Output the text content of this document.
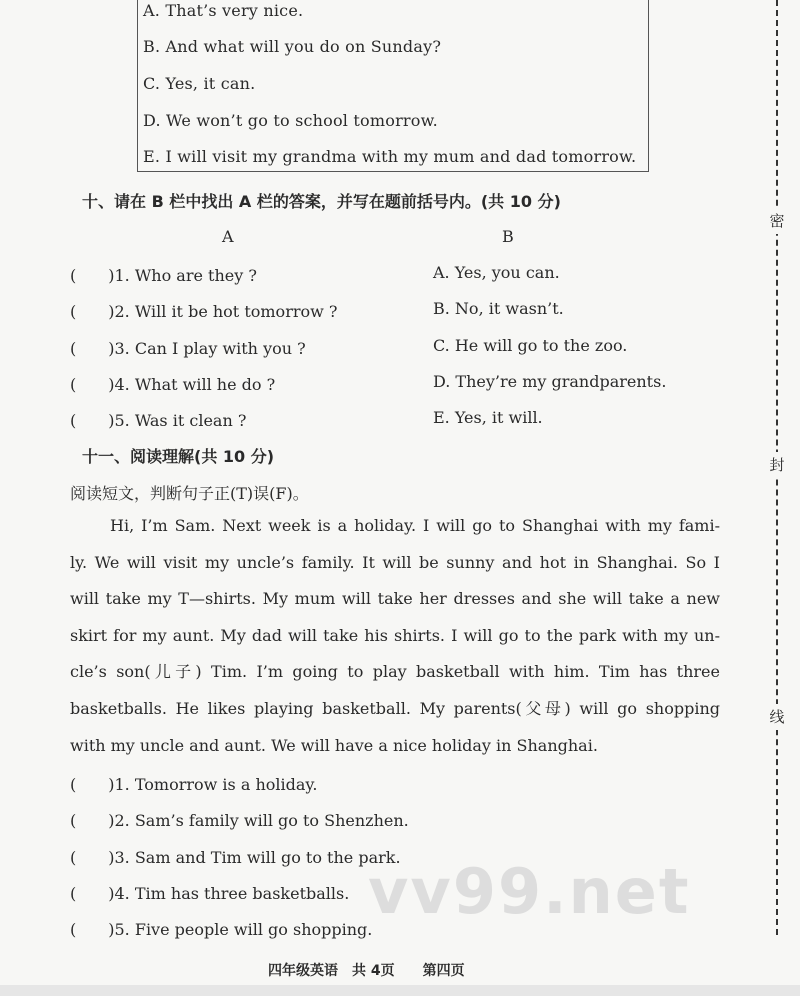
A. That’s very nice.
B. And what will you do on Sunday?
C. Yes, it can.
D. We won’t go to school tomorrow.
E. I will visit my grandma with my mum and dad tomorrow.
十、请在 B 栏中找出 A 栏的答案，并写在题前括号内。(共 10 分)
A	B
(　　)1. Who are they ?
(　　)2. Will it be hot tomorrow ?
(　　)3. Can I play with you ?
(　　)4. What will he do ?
(　　)5. Was it clean ?
A. Yes, you can.
B. No, it wasn’t.
C. He will go to the zoo.
D. They’re my grandparents.
E. Yes, it will.
十一、阅读理解(共 10 分)
阅读短文，判断句子正(T)误(F)。
Hi, I’m Sam. Next week is a holiday. I will go to Shanghai with my fami-
ly. We will visit my uncle’s family. It will be sunny and hot in Shanghai. So I
will take my T—shirts. My mum will take her dresses and she will take a new
skirt for my aunt. My dad will take his shirts. I will go to the park with my un-
cle’s son(儿子) Tim. I’m going to play basketball with him. Tim has three
basketballs. He likes playing basketball. My parents(父母) will go shopping
with my uncle and aunt. We will have a nice holiday in Shanghai.
(　　)1. Tomorrow is a holiday.
(　　)2. Sam’s family will go to Shenzhen.
(　　)3. Sam and Tim will go to the park.
(　　)4. Tim has three basketballs.
(　　)5. Five people will go shopping.
密
封
线
vv99.net
四年级英语　共 4页　　第四页
